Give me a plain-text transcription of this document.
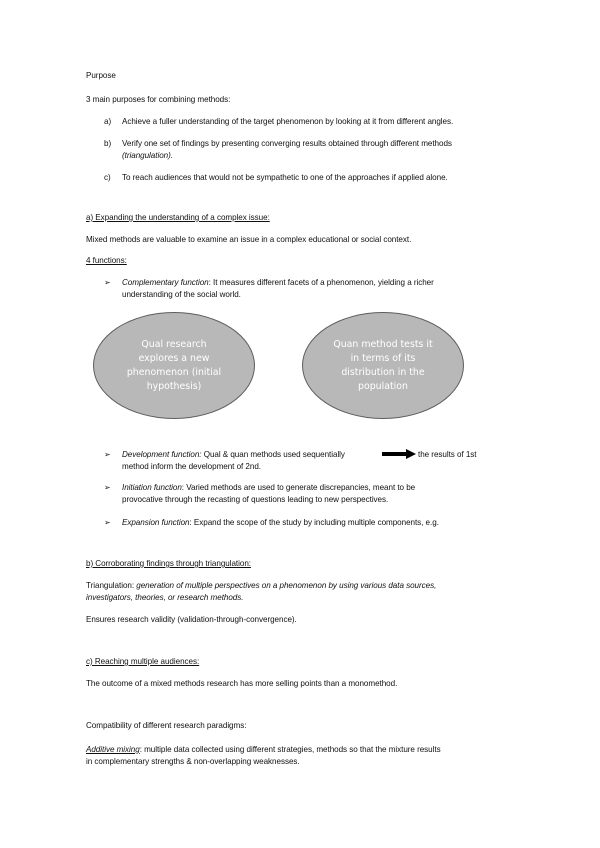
Purpose
3 main purposes for combining methods:
a) Achieve a fuller understanding of the target phenomenon by looking at it from different angles.
b) Verify one set of findings by presenting converging results obtained through different methods
(triangulation).
c) To reach audiences that would not be sympathetic to one of the approaches if applied alone.
a) Expanding the understanding of a complex issue:
Mixed methods are valuable to examine an issue in a complex educational or social context.
4 functions:
➢ Complementary function: It measures different facets of a phenomenon, yielding a richer
understanding of the social world.
Qual research
explores a new
phenomenon (initial
hypothesis)
Quan method tests it
in terms of its
distribution in the
population
➢ Development function: Qual & quan methods used sequentially	the results of 1st
method inform the development of 2nd.
➢ Initiation function: Varied methods are used to generate discrepancies, meant to be
provocative through the recasting of questions leading to new perspectives.
➢ Expansion function: Expand the scope of the study by including multiple components, e.g.
b) Corroborating findings through triangulation:
Triangulation: generation of multiple perspectives on a phenomenon by using various data sources,
investigators, theories, or research methods.
Ensures research validity (validation-through-convergence).
c) Reaching multiple audiences:
The outcome of a mixed methods research has more selling points than a monomethod.
Compatibility of different research paradigms:
Additive mixing: multiple data collected using different strategies, methods so that the mixture results
in complementary strengths & non-overlapping weaknesses.
